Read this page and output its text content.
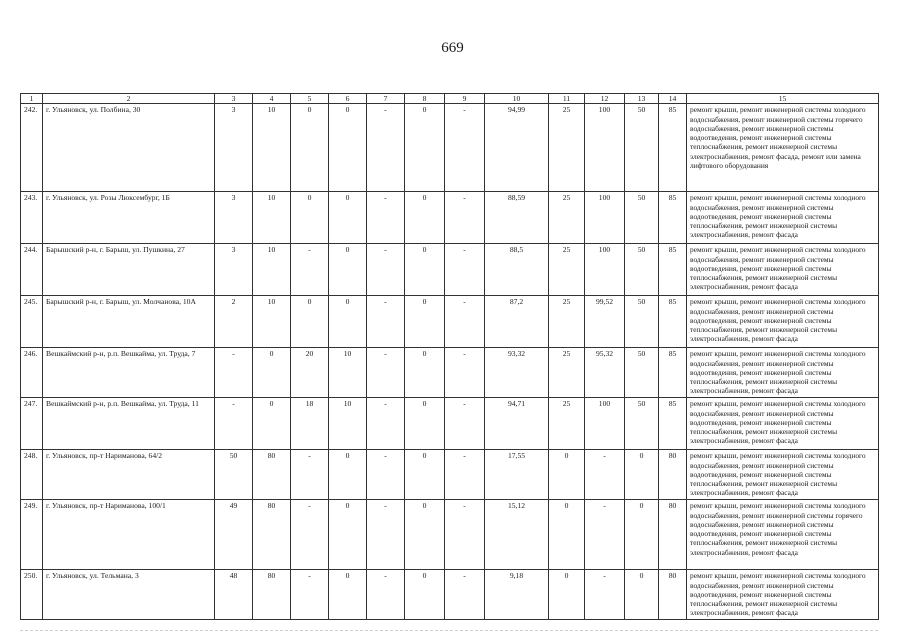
669
1	2	3	4	5	6	7	8	9	10	11	12	13	14	15
242.	г. Ульяновск, ул. Полбина, 30	3	10	0	0	-	0	-	94,99	25	100	50	85	ремонт крыши, ремонт инженерной системы холодного водоснабжения, ремонт инженерной системы горячего водоснабжения, ремонт инженерной системы водоотведения, ремонт инженерной системы теплоснабжения, ремонт инженерной системы электроснабжения, ремонт фасада, ремонт или замена лифтового оборудования
243.	г. Ульяновск, ул. Розы Люксембург, 1Б	3	10	0	0	-	0	-	88,59	25	100	50	85	ремонт крыши, ремонт инженерной системы холодного водоснабжения, ремонт инженерной системы водоотведения, ремонт инженерной системы теплоснабжения, ремонт инженерной системы электроснабжения, ремонт фасада
244.	Барышский р-н, г. Барыш, ул. Пушкина, 27	3	10	-	0	-	0	-	88,5	25	100	50	85	ремонт крыши, ремонт инженерной системы холодного водоснабжения, ремонт инженерной системы водоотведения, ремонт инженерной системы теплоснабжения, ремонт инженерной системы электроснабжения, ремонт фасада
245.	Барышский р-н, г. Барыш, ул. Молчанова, 10А	2	10	0	0	-	0	-	87,2	25	99,52	50	85	ремонт крыши, ремонт инженерной системы холодного водоснабжения, ремонт инженерной системы водоотведения, ремонт инженерной системы теплоснабжения, ремонт инженерной системы электроснабжения, ремонт фасада
246.	Вешкаймский р-н, р.п. Вешкайма, ул. Труда, 7	-	0	20	10	-	0	-	93,32	25	95,32	50	85	ремонт крыши, ремонт инженерной системы холодного водоснабжения, ремонт инженерной системы водоотведения, ремонт инженерной системы теплоснабжения, ремонт инженерной системы электроснабжения, ремонт фасада
247.	Вешкаймский р-н, р.п. Вешкайма, ул. Труда, 11	-	0	18	10	-	0	-	94,71	25	100	50	85	ремонт крыши, ремонт инженерной системы холодного водоснабжения, ремонт инженерной системы водоотведения, ремонт инженерной системы теплоснабжения, ремонт инженерной системы электроснабжения, ремонт фасада
248.	г. Ульяновск, пр-т Нариманова, 64/2	50	80	-	0	-	0	-	17,55	0	-	0	80	ремонт крыши, ремонт инженерной системы холодного водоснабжения, ремонт инженерной системы водоотведения, ремонт инженерной системы теплоснабжения, ремонт инженерной системы электроснабжения, ремонт фасада
249.	г. Ульяновск, пр-т Нариманова, 100/1	49	80	-	0	-	0	-	15,12	0	-	0	80	ремонт крыши, ремонт инженерной системы холодного водоснабжения, ремонт инженерной системы горячего водоснабжения, ремонт инженерной системы водоотведения, ремонт инженерной системы теплоснабжения, ремонт инженерной системы электроснабжения, ремонт фасада
250.	г. Ульяновск, ул. Тельмана, 3	48	80	-	0	-	0	-	9,18	0	-	0	80	ремонт крыши, ремонт инженерной системы холодного водоснабжения, ремонт инженерной системы водоотведения, ремонт инженерной системы теплоснабжения, ремонт инженерной системы электроснабжения, ремонт фасада
